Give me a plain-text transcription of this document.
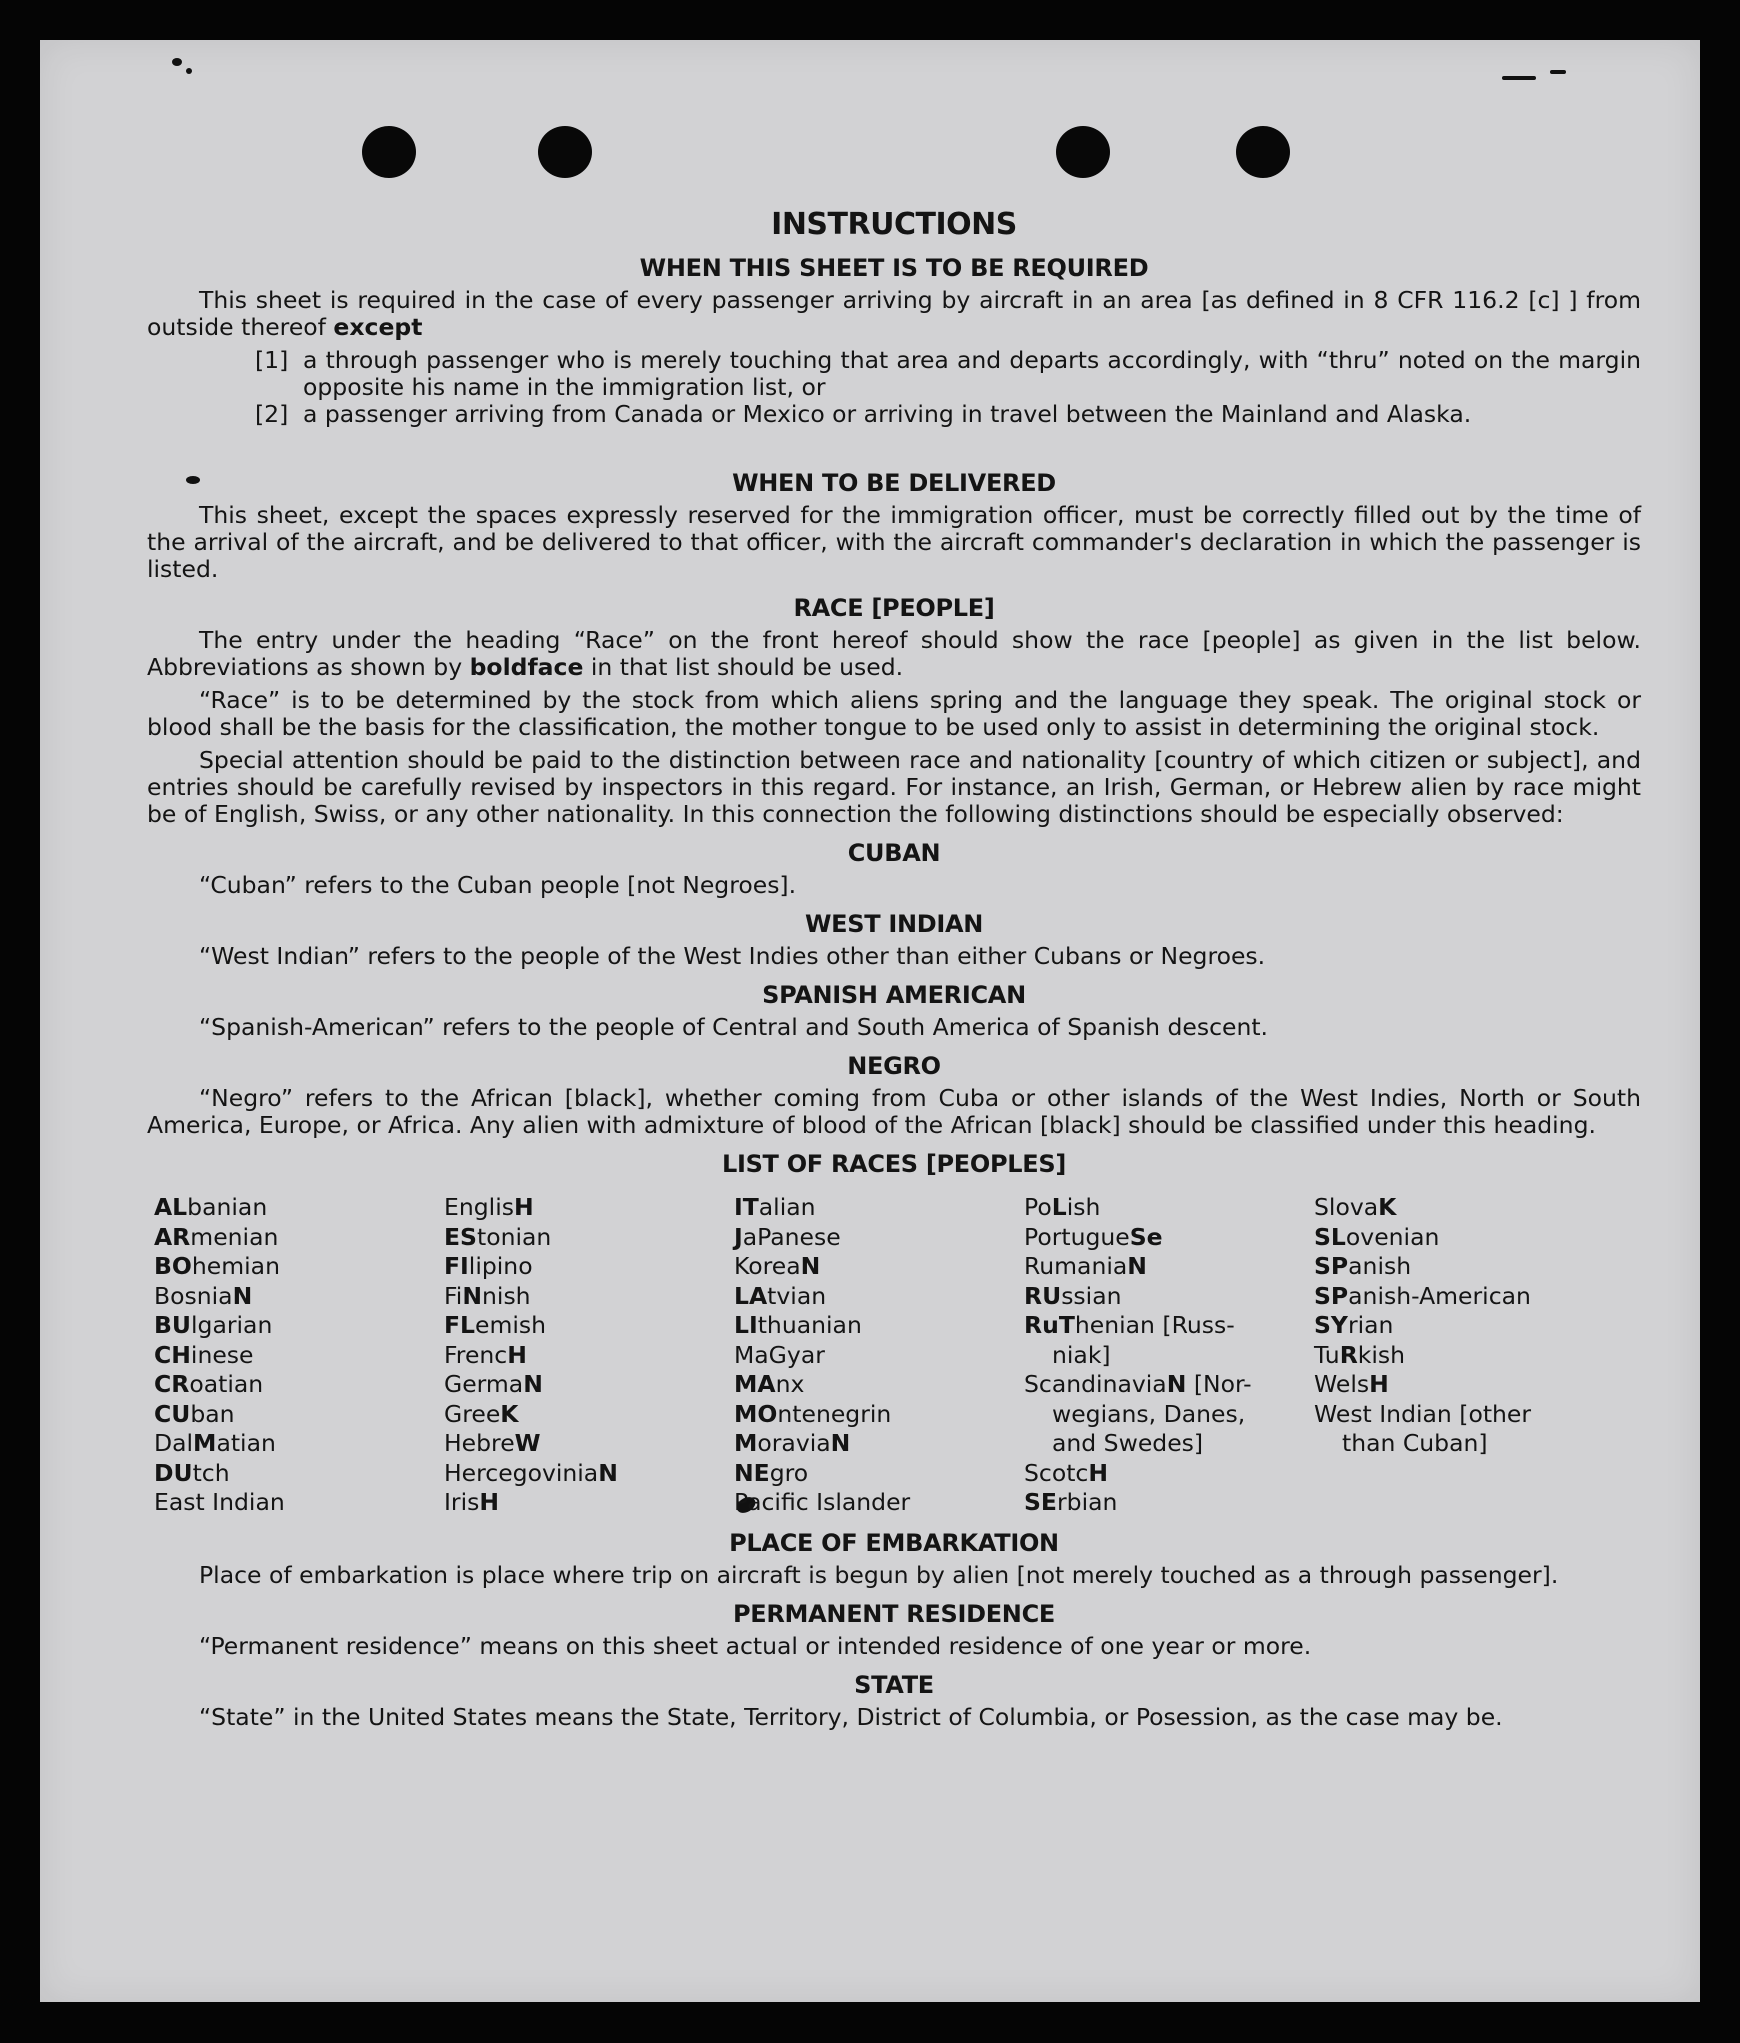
INSTRUCTIONS
WHEN THIS SHEET IS TO BE REQUIRED
This sheet is required in the case of every passenger arriving by aircraft in an area [as defined in 8 CFR 116.2 [c] ] from outside thereof except
[1] a through passenger who is merely touching that area and departs accordingly, with “thru” noted on the margin opposite his name in the immigration list, or
[2] a passenger arriving from Canada or Mexico or arriving in travel between the Mainland and Alaska.
WHEN TO BE DELIVERED
This sheet, except the spaces expressly reserved for the immigration officer, must be correctly filled out by the time of the arrival of the aircraft, and be delivered to that officer, with the aircraft commander's declaration in which the passenger is listed.
RACE [PEOPLE]
The entry under the heading “Race” on the front hereof should show the race [people] as given in the list below. Abbreviations as shown by boldface in that list should be used.
“Race” is to be determined by the stock from which aliens spring and the language they speak. The original stock or blood shall be the basis for the classification, the mother tongue to be used only to assist in determining the original stock.
Special attention should be paid to the distinction between race and nationality [country of which citizen or subject], and entries should be carefully revised by inspectors in this regard. For instance, an Irish, German, or Hebrew alien by race might be of English, Swiss, or any other nationality. In this connection the following distinctions should be especially observed:
CUBAN
“Cuban” refers to the Cuban people [not Negroes].
WEST INDIAN
“West Indian” refers to the people of the West Indies other than either Cubans or Negroes.
SPANISH AMERICAN
“Spanish-American” refers to the people of Central and South America of Spanish descent.
NEGRO
“Negro” refers to the African [black], whether coming from Cuba or other islands of the West Indies, North or South America, Europe, or Africa. Any alien with admixture of blood of the African [black] should be classified under this heading.
LIST OF RACES [PEOPLES]
ALbanian
ARmenian
BOhemian
BosniaN
BUlgarian
CHinese
CRoatian
CUban
DalMatian
DUtch
East Indian
EnglisH
EStonian
FIlipino
FiNnish
FLemish
FrencH
GermaN
GreeK
HebreW
HercegoviniaN
IrisH
ITalian
JaPanese
KoreaN
LAtvian
LIthuanian
MaGyar
MAnx
MOntenegrin
MoraviaN
NEgro
Pacific Islander
PoLish
PortugueSe
RumaniaN
RUssian
RuThenian [Russ-
niak]
ScandinaviaN [Nor-
wegians, Danes,
and Swedes]
ScotcH
SErbian
SlovaK
SLovenian
SPanish
SPanish-American
SYrian
TuRkish
WelsH
West Indian [other
than Cuban]
PLACE OF EMBARKATION
Place of embarkation is place where trip on aircraft is begun by alien [not merely touched as a through passenger].
PERMANENT RESIDENCE
“Permanent residence” means on this sheet actual or intended residence of one year or more.
STATE
“State” in the United States means the State, Territory, District of Columbia, or Posession, as the case may be.
